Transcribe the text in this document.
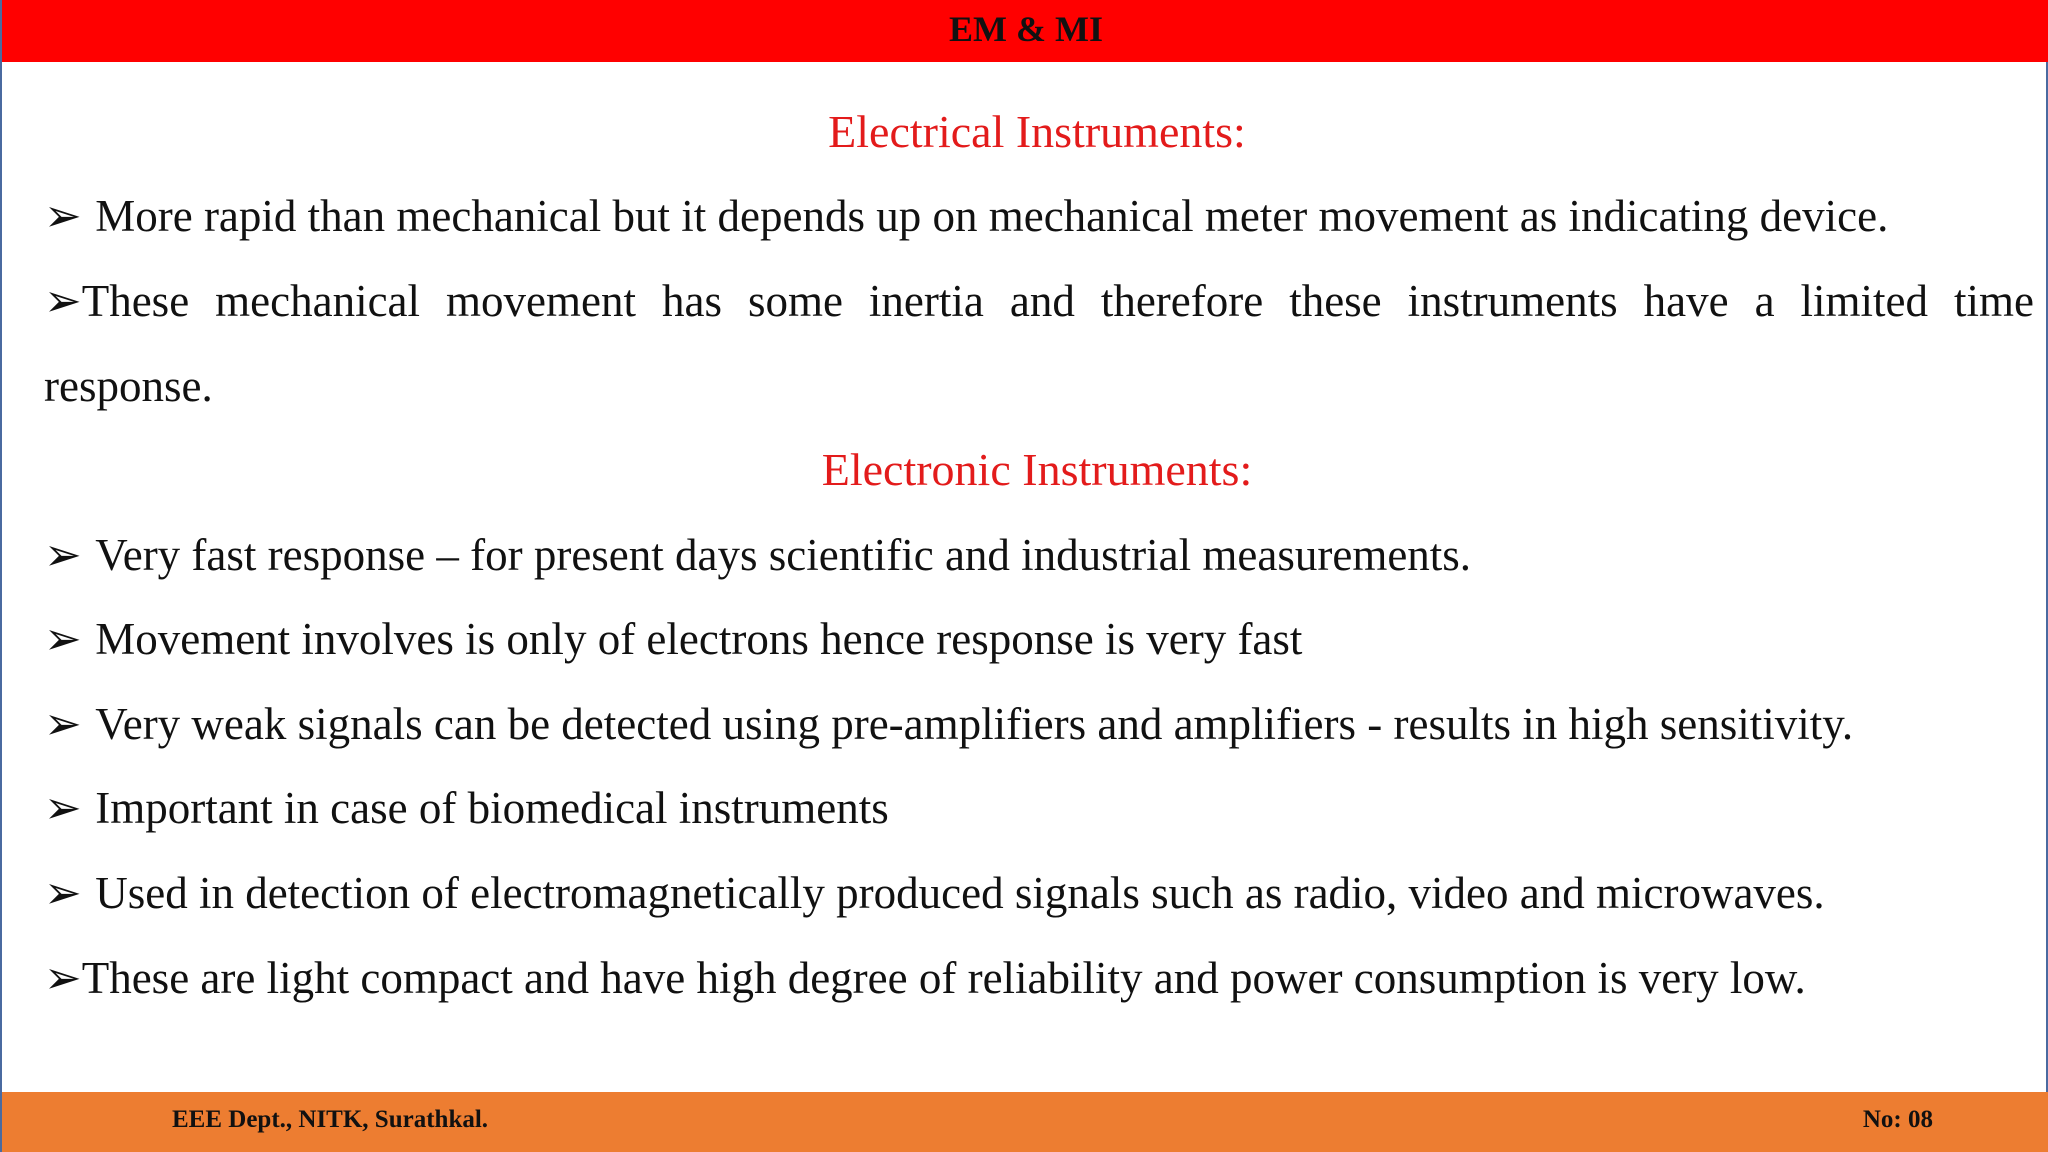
EM & MI
Electrical Instruments:
➢ More rapid than mechanical but it depends up on mechanical meter movement as indicating device.
➢These mechanical movement has some inertia and therefore these instruments have a limited time
response.
Electronic Instruments:
➢ Very fast response – for present days scientific and industrial measurements.
➢ Movement involves is only of electrons hence response is very fast
➢ Very weak signals can be detected using pre-amplifiers and amplifiers - results in high sensitivity.
➢ Important in case of biomedical instruments
➢ Used in detection of electromagnetically produced signals such as radio, video and microwaves.
➢These are light compact and have high degree of reliability and power consumption is very low.
EEE Dept., NITK, Surathkal.	No: 08
